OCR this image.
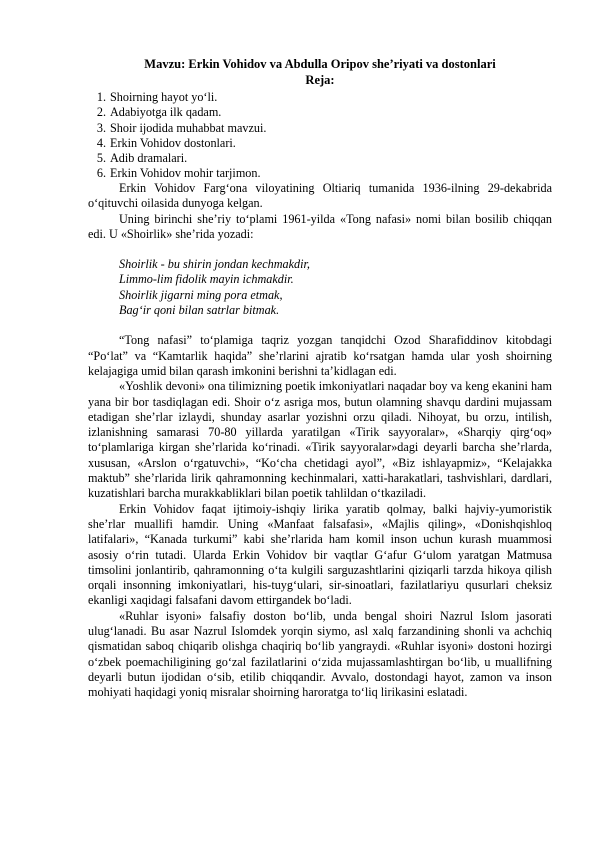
Mavzu: Erkin Vohidov va Abdulla Oripov she’riyati va dostonlari
Reja:
1. Shoirning hayot yo‘li.
2. Adabiyotga ilk qadam.
3. Shoir ijodida muhabbat mavzui.
4. Erkin Vohidov dostonlari.
5. Adib dramalari.
6. Erkin Vohidov mohir tarjimon.

Erkin Vohidov Farg‘ona viloyatining Oltiariq tumanida 1936-ilning 29-dekabrida o‘qituvchi oilasida dunyoga kelgan.

Uning birinchi she’riy to‘plami 1961-yilda «Tong nafasi» nomi bilan bosilib chiqqan edi. U «Shoirlik» she’rida yozadi:

Shoirlik - bu shirin jondan kechmakdir,
Limmo-lim fidolik mayin ichmakdir.
Shoirlik jigarni ming pora etmak,
Bag‘ir qoni bilan satrlar bitmak.

“Tong nafasi” to‘plamiga taqriz yozgan tanqidchi Ozod Sharafiddinov kitobdagi “Po‘lat” va “Kamtarlik haqida” she’rlarini ajratib ko‘rsatgan hamda ular yosh shoirning kelajagiga umid bilan qarash imkonini berishni ta’kidlagan edi.

«Yoshlik devoni» ona tilimizning poetik imkoniyatlari naqadar boy va keng ekanini ham yana bir bor tasdiqlagan edi. Shoir o‘z asriga mos, butun olamning shavqu dardini mujassam etadigan she’rlar izlaydi, shunday asarlar yozishni orzu qiladi. Nihoyat, bu orzu, intilish, izlanishning samarasi 70-80 yillarda yaratilgan «Tirik sayyoralar», «Sharqiy qirg‘oq» to‘plamlariga kirgan she’rlarida ko‘rinadi. «Tirik sayyoralar»dagi deyarli barcha she’rlarda, xususan, «Arslon o‘rgatuvchi», “Ko‘cha chetidagi ayol”, «Biz ishlayapmiz», “Kelajakka maktub” she’rlarida lirik qahramonning kechinmalari, xatti-harakatlari, tashvishlari, dardlari, kuzatishlari barcha murakkabliklari bilan poetik tahlildan o‘tkaziladi.

Erkin Vohidov faqat ijtimoiy-ishqiy lirika yaratib qolmay, balki hajviy-yumoristik she’rlar muallifi hamdir. Uning «Manfaat falsafasi», «Majlis qiling», «Donishqishloq latifalari», “Kanada turkumi” kabi she’rlarida ham komil inson uchun kurash muammosi asosiy o‘rin tutadi. Ularda Erkin Vohidov bir vaqtlar G‘afur G‘ulom yaratgan Matmusa timsolini jonlantirib, qahramonning o‘ta kulgili sarguzashtlarini qiziqarli tarzda hikoya qilish orqali insonning imkoniyatlari, his-tuyg‘ulari, sir-sinoatlari, fazilatlariyu qusurlari cheksiz ekanligi xaqidagi falsafani davom ettirgandek bo‘ladi.

«Ruhlar isyoni» falsafiy doston bo‘lib, unda bengal shoiri Nazrul Islom jasorati ulug‘lanadi. Bu asar Nazrul Islomdek yorqin siymo, asl xalq farzandining shonli va achchiq qismatidan saboq chiqarib olishga chaqiriq bo‘lib yangraydi. «Ruhlar isyoni» dostoni hozirgi o‘zbek poemachiligining go‘zal fazilatlarini o‘zida mujassamlashtirgan bo‘lib, u muallifning deyarli butun ijodidan o‘sib, etilib chiqqandir. Avvalo, dostondagi hayot, zamon va inson mohiyati haqidagi yoniq misralar shoirning haroratga to‘liq lirikasini eslatadi.
